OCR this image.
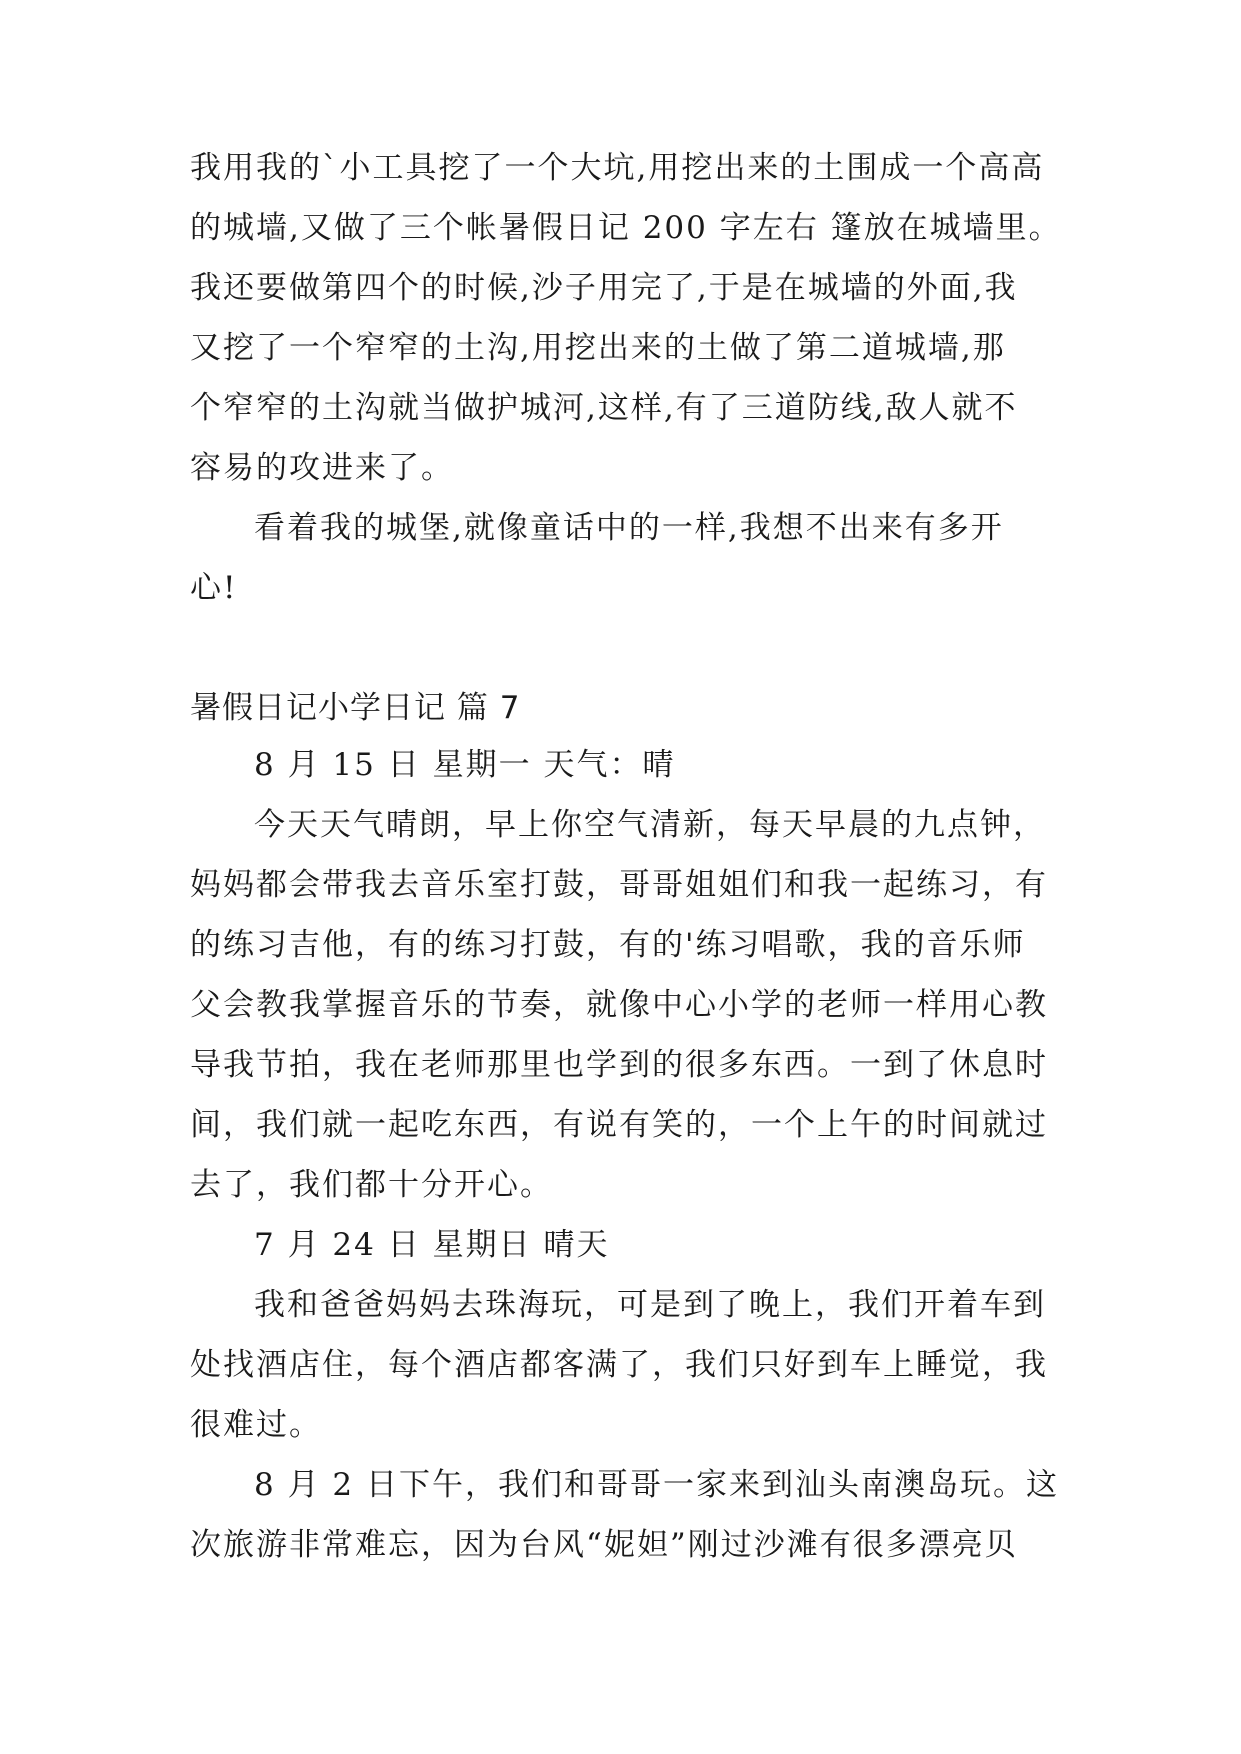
我用我的`小工具挖了一个大坑,用挖出来的土围成一个高高
的城墙,又做了三个帐暑假日记 200 字左右 篷放在城墙里。
我还要做第四个的时候,沙子用完了,于是在城墙的外面,我
又挖了一个窄窄的土沟,用挖出来的土做了第二道城墙,那
个窄窄的土沟就当做护城河,这样,有了三道防线,敌人就不
容易的攻进来了。
看着我的城堡,就像童话中的一样,我想不出来有多开
心!
暑假日记小学日记 篇 7
8 月 15 日 星期一 天气：晴
今天天气晴朗，早上你空气清新，每天早晨的九点钟，
妈妈都会带我去音乐室打鼓，哥哥姐姐们和我一起练习，有
的练习吉他，有的练习打鼓，有的'练习唱歌，我的音乐师
父会教我掌握音乐的节奏，就像中心小学的老师一样用心教
导我节拍，我在老师那里也学到的很多东西。一到了休息时
间，我们就一起吃东西，有说有笑的，一个上午的时间就过
去了，我们都十分开心。
7 月 24 日 星期日 晴天
我和爸爸妈妈去珠海玩，可是到了晚上，我们开着车到
处找酒店住，每个酒店都客满了，我们只好到车上睡觉，我
很难过。
8 月 2 日下午，我们和哥哥一家来到汕头南澳岛玩。这
次旅游非常难忘，因为台风“妮妲”刚过沙滩有很多漂亮贝
